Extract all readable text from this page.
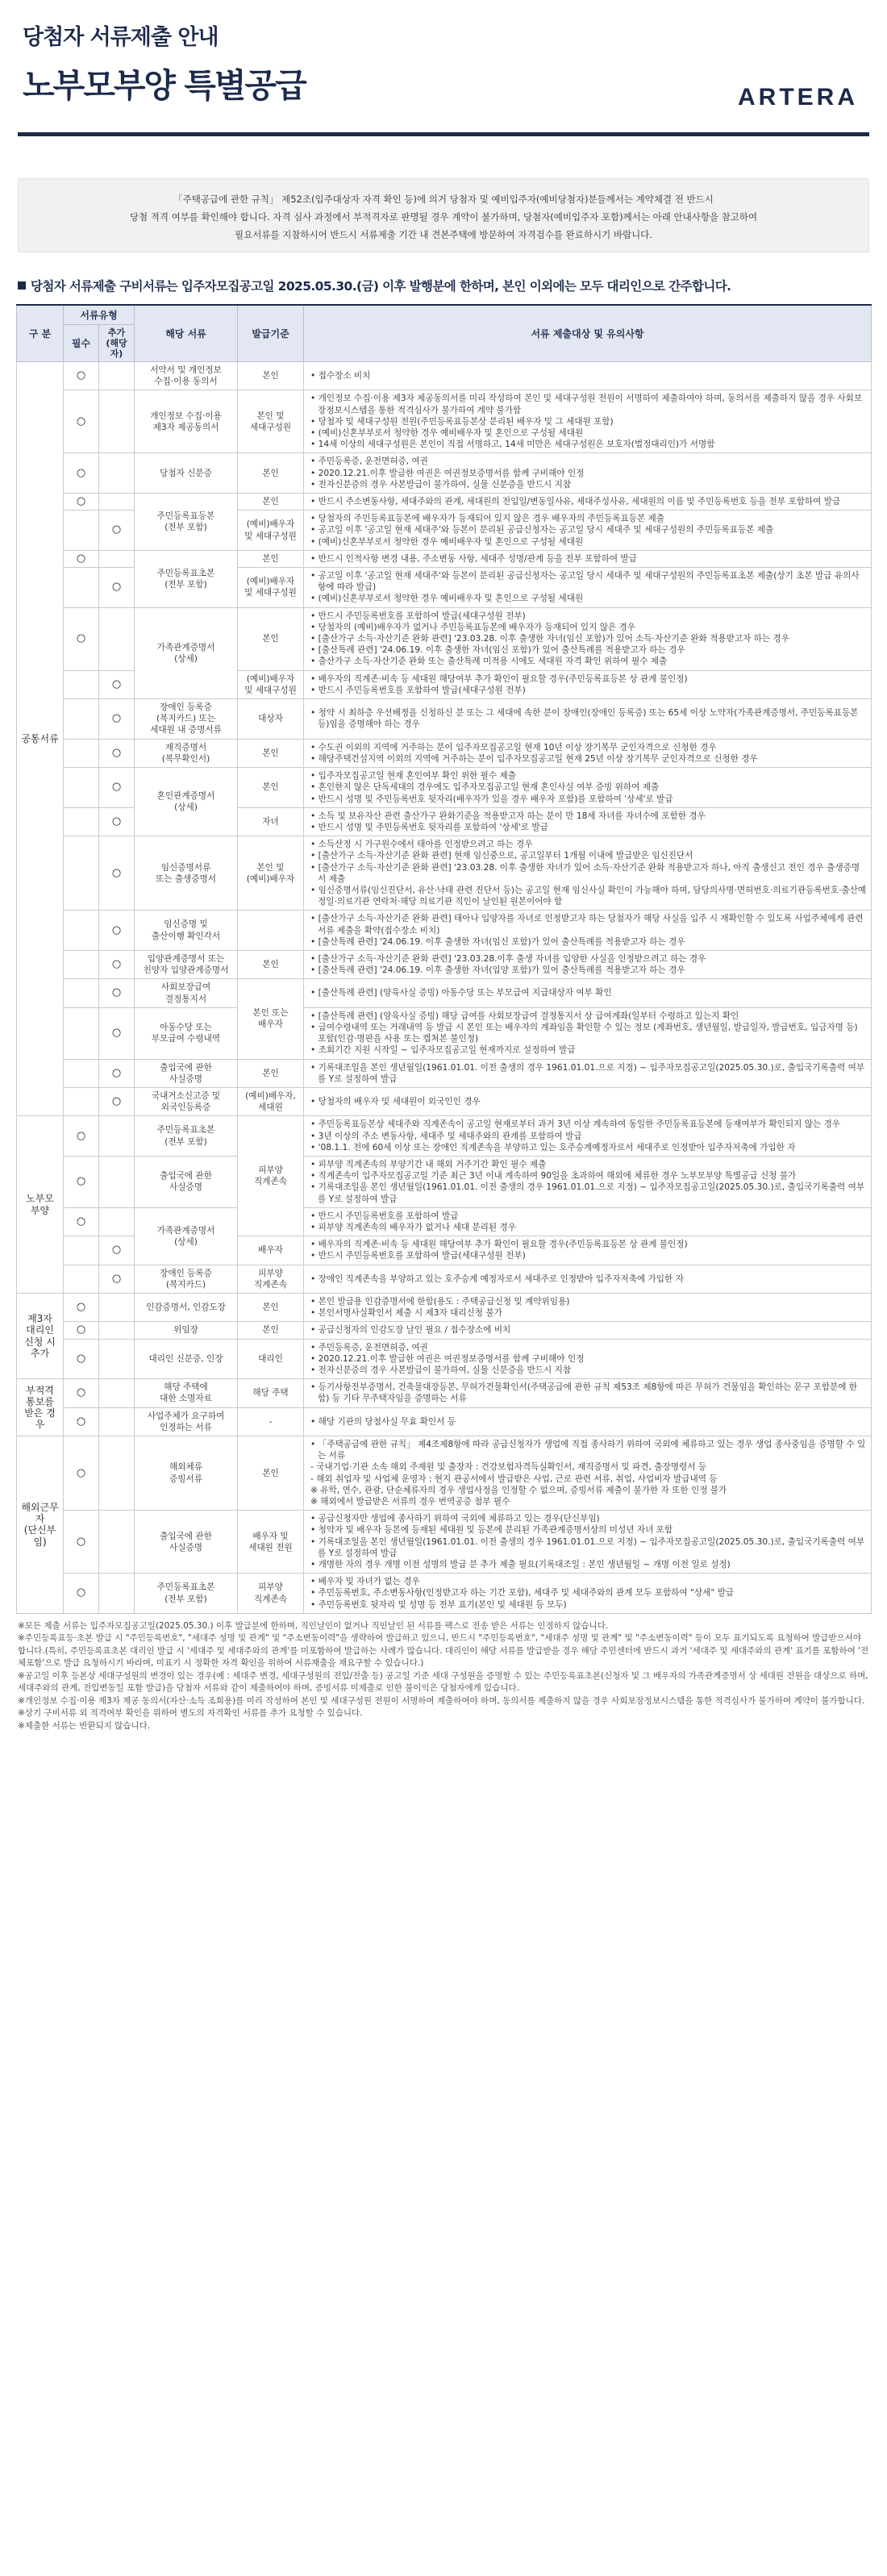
당첨자 서류제출 안내
노부모부양 특별공급	ARTERA
「주택공급에 관한 규칙」 제52조(입주대상자 자격 확인 등)에 의거 당첨자 및 예비입주자(예비당첨자)분들께서는 계약체결 전 반드시
당첨 적격 여부를 확인해야 합니다. 자격 심사 과정에서 부적격자로 판명될 경우 계약이 불가하며, 당첨자(예비입주자 포함)께서는 아래 안내사항을 참고하여
필요서류를 지참하시어 반드시 서류제출 기간 내 견본주택에 방문하여 자격검수를 완료하시기 바랍니다.
당첨자 서류제출 구비서류는 입주자모집공고일 2025.05.30.(금) 이후 발행분에 한하며, 본인 이외에는 모두 대리인으로 간주합니다.
구 분	서류유형		해당 서류	발급기준	서류 제출대상 및 유의사항
	필수	추가
(해당자)			
공통서류	○		서약서 및 개인정보
수집·이용 동의서	본인	• 접수장소 비치

	○		개인정보 수집·이용
제3자 제공동의서	본인 및
세대구성원	• 개인정보 수집·이용 제3자 제공동의서를 미리 작성하여 본인 및 세대구성원 전원이 서명하여 제출하여야 하며, 동의서를 제출하지 않을 경우 사회보장정보시스템을 통한 적격심사가 불가하여 계약 불가함
• 당첨자 및 세대구성원 전원(주민등록표등본상 분리된 배우자 및 그 세대원 포함)
• (예비)신혼부부로서 청약한 경우 예비배우자 및 혼인으로 구성될 세대원
• 14세 이상의 세대구성원은 본인이 직접 서명하고, 14세 미만은 세대구성원은 보호자(법정대리인)가 서명함

	○		당첨자 신분증	본인	• 주민등록증, 운전면허증, 여권
• 2020.12.21.이후 발급한 여권은 여권정보증명서를 함께 구비해야 인정
• 전자신분증의 경우 사본발급이 불가하여, 실물 신분증을 반드시 지참

	○		주민등록표등본
(전부 포함)	본인	• 반드시 주소변동사항, 세대주와의 관계, 세대원의 전입일/변동일사유, 세대주성사유, 세대원의 이름 및 주민등록번호 등을 전부 포함하여 발급

		○		(예비)배우자
및 세대구성원	• 당첨자의 주민등록표등본에 배우자가 등재되어 있지 않은 경우 배우자의 주민등록표등본 제출
• 공고일 이후 '공고일 현재 세대주'와 등본이 분리된 공급신청자는 공고일 당시 세대주 및 세대구성원의 주민등록표등본 제출
• (예비)신혼부부로서 청약한 경우 예비배우자 및 혼인으로 구성될 세대원

	○		주민등록표초본
(전부 포함)	본인	• 반드시 인적사항 변경 내용, 주소변동 사항, 세대주 성명/관계 등을 전부 포함하여 발급

		○		(예비)배우자
및 세대구성원	• 공고일 이후 '공고일 현재 세대주'와 등본이 분리된 공급신청자는 공고일 당시 세대주 및 세대구성원의 주민등록표초본 제출(상기 초본 발급 유의사항에 따라 발급)
• (예비)신혼부부로서 청약한 경우 예비배우자 및 혼인으로 구성될 세대원

	○		가족관계증명서
(상세)	본인	• 반드시 주민등록번호를 포함하여 발급(세대구성원 전부)
• 당첨자의 (예비)배우자가 없거나 주민등록표등본에 배우자가 등재되어 있지 않은 경우
• [출산가구 소득·자산기준 완화 관련] '23.03.28. 이후 출생한 자녀(임신 포함)가 있어 소득·자산기준 완화 적용받고자 하는 경우
• [출산특례 관련] '24.06.19. 이후 출생한 자녀(임신 포함)가 있어 출산특례를 적용받고자 하는 경우
• 출산가구 소득·자산기준 완화 또는 출산특례 미적용 시에도 세대원 자격 확인 위하여 필수 제출

		○		(예비)배우자
및 세대구성원	• 배우자의 직계존·비속 등 세대원 해당여부 추가 확인이 필요할 경우(주민등록표등본 상 관계 불인정)
• 반드시 주민등록번호를 포함하여 발급(세대구성원 전부)

		○	장애인 등록증
(복지카드) 또는
세대원 내 증명서류	대상자	• 청약 시 최하층 우선배정을 신청하신 분 또는 그 세대에 속한 분이 장애인(장애인 등록증) 또는 65세 이상 노약자(가족관계증명서, 주민등록표등본 등)임을 증명해야 하는 경우

		○	재직증명서
(복무확인서)	본인	• 수도권 이외의 지역에 거주하는 분이 입주자모집공고일 현재 10년 이상 장기복무 군인자격으로 신청한 경우
• 해당주택건설지역 이외의 지역에 거주하는 분이 입주자모집공고일 현재 25년 이상 장기복무 군인자격으로 신청한 경우

		○	혼인관계증명서
(상세)	본인	• 입주자모집공고일 현재 혼인여부 확인 위한 필수 제출
• 혼인한지 않은 단독세대의 경우에도 입주자모집공고일 현재 혼인사실 여부 증빙 위하여 제출
• 반드시 성명 및 주민등록번호 뒷자리(배우자가 있을 경우 배우자 포함)를 포함하여 '상세'로 발급

		○		자녀	• 소득 및 보유자산 관련 출산가구 완화기준을 적용받고자 하는 분이 만 18세 자녀를 자녀수에 포함한 경우
• 반드시 성명 및 주민등록번호 뒷자리를 포함하여 '상세'로 발급

		○	임신증명서류
또는 출생증명서	본인 및
(예비)배우자	• 소득산정 시 가구원수에서 태아를 인정받으려고 하는 경우
• [출산가구 소득·자산기준 완화 관련] 현재 임신중으로, 공고일부터 1개월 이내에 발급받은 임신진단서
• [출산가구 소득·자산기준 완화 관련] '23.03.28. 이후 출생한 자녀가 있어 소득·자산기준 완화 적용받고자 하나, 아직 출생신고 전인 경우 출생증명서 제출
• 임신증명서류(임신진단서, 유산·낙태 관련 진단서 등)는 공고일 현재 임신사실 확인이 가능해야 하며, 담당의사명·면허번호·의료기관등록번호·출산예정일·의료기관 연락처·해당 의료기관 직인이 날인된 원본이어야 함

		○	임신증명 및
출산이행 확인각서		• [출산가구 소득·자산기준 완화 관련] 태아나 입양자를 자녀로 인정받고자 하는 당첨자가 해당 사실을 입주 시 재확인할 수 있도록 사업주체에게 관련 서류 제출을 확약(접수장소 비치)
• [출산특례 관련] '24.06.19. 이후 출생한 자녀(임신 포함)가 있어 출산특례를 적용받고자 하는 경우

		○	입양관계증명서 또는
친양자 입양관계증명서	본인	• [출산가구 소득·자산기준 완화 관련] '23.03.28.이후 출생 자녀를 입양한 사실을 인정받으려고 하는 경우
• [출산특례 관련] '24.06.19. 이후 출생한 자녀(입양 포함)가 있어 출산특례를 적용받고자 하는 경우

		○	사회보장급여
결정통지서	본인 또는
배우자	• [출산특례 관련] (양육사실 증빙) 아동수당 또는 부모급여 지급대상자 여부 확인

		○	아동수당 또는
부모급여 수령내역		• [출산특례 관련] (양육사실 증빙) 해당 급여를 사회보장급여 결정통지서 상 급여계좌(일부터 수령하고 있는지 확인
• 급여수령내역 또는 거래내역 등 발급 시 본인 또는 배우자의 계좌임을 확인할 수 있는 정보 (계좌번호, 생년월일, 발급일자, 발급번호, 입금자명 등) 포함(인감·명판을 사용 또는 캡처본 불인정)
• 조회기간 지원 시작일 ~ 입주자모집공고일 현재까지로 설정하여 발급

		○	출입국에 관한
사실증명	본인	• 기록대조일을 본인 생년월일(1961.01.01. 이전 출생의 경우 1961.01.01.으로 지정) ~ 입주자모집공고일(2025.05.30.)로, 출입국기록출력 여부를 Y로 설정하여 발급

		○	국내거소신고증 및
외국인등록증	(예비)배우자,
세대원	• 당첨자의 배우자 및 세대원이 외국인인 경우

노부모
부양	○		주민등록표초본
(전부 포함)	피부양
직계존속	• 주민등록표등본상 세대주와 직계존속이 공고일 현재로부터 과거 3년 이상 계속하여 동일한 주민등록표등본에 등재여부가 확인되지 않는 경우
• 3년 이상의 주소 변동사항, 세대주 및 세대주와의 관계를 포함하여 발급
• '08.1.1. 전에 60세 이상 또는 장애인 직계존속을 부양하고 있는 호주승계예정자로서 세대주로 인정받아 입주자저축에 가입한 자

	○		출입국에 관한
사실증명		• 피부양 직계존속의 부양기간 내 해외 거주기간 확인 필수 제출
• 직계존속이 입주자모집공고일 기준 최근 3년 이내 계속하여 90일을 초과하여 해외에 체류한 경우 노부모부양 특별공급 신청 불가
• 기록대조일을 본인 생년월일(1961.01.01. 이전 출생의 경우 1961.01.01.으로 지정) ~ 입주자모집공고일(2025.05.30.)로, 출입국기록출력 여부를 Y로 설정하여 발급

	○		가족관계증명서
(상세)		• 반드시 주민등록번호를 포함하여 발급
• 피부양 직계존속의 배우자가 없거나 세대 분리된 경우

		○		배우자	• 배우자의 직계존·비속 등 세대원 해당여부 추가 확인이 필요할 경우(주민등록표등본 상 관계 불인정)
• 반드시 주민등록번호를 포함하여 발급(세대구성원 전부)

		○	장애인 등록증
(복지카드)	피부양
직계존속	• 장애인 직계존속을 부양하고 있는 호주승계 예정자로서 세대주로 인정받아 입주자저축에 가입한 자

제3자
대리인
신청 시
추가	○		인감증명서, 인감도장	본인	• 본인 발급용 인감증명서에 한함(용도 : 주택공급신청 및 계약위임용)
• 본인서명사실확인서 제출 시 제3자 대리신청 불가

	○		위임장	본인	• 공급신청자의 인감도장 날인 필요 / 접수장소에 비치

	○		대리인 신분증, 인장	대리인	• 주민등록증, 운전면허증, 여권
• 2020.12.21.이후 발급한 여권은 여권정보증명서를 함께 구비해야 인정
• 전자신분증의 경우 사본발급이 불가하여, 실물 신분증을 반드시 지참

부적격
통보를
받은 경우	○		해당 주택에
대한 소명자료	해당 주택	• 등기사항전부증명서, 건축물대장등본, 무허가건물확인서(주택공급에 관한 규칙 제53조 제8항에 따른 무허가 건물임을 확인하는 문구 포함분에 한함) 등 기타 무주택자임을 증명하는 서류

	○		사업주체가 요구하여
인정하는 서류	-	• 해당 기관의 당첨사실 무효 확인서 등

해외근무자
(단신부임)	○		해외체류
증빙서류	본인	• 「주택공급에 관한 규칙」 제4조제8항에 따라 공급신청자가 생업에 직접 종사하기 위하여 국외에 체류하고 있는 경우 생업 종사중임을 증명할 수 있는 서류
- 국내기업·기관 소속 해외 주재원 및 출장자 : 건강보험자격득실확인서, 재직증명서 및 파견, 출장명령서 등
- 해외 취업자 및 사업체 운영자 : 현지 관공서에서 발급받은 사업, 근로 관련 서류, 취업, 사업비자 발급내역 등
※ 유학, 연수, 관광, 단순체류자의 경우 생업사정을 인정할 수 없으며, 증빙서류 제출이 불가한 자 또한 인정 불가
※ 해외에서 발급받은 서류의 경우 번역공증 첨부 필수

	○		출입국에 관한
사실증명	배우자 및
세대원 전원	• 공급신청자만 생업에 종사하기 위하여 국외에 체류하고 있는 경우(단신부임)
• 청약자 및 배우자 등본에 등재된 세대원 및 등본에 분리된 가족관계증명서상의 미성년 자녀 포함
• 기록대조일을 본인 생년월일(1961.01.01. 이전 출생의 경우 1961.01.01.으로 지정) ~ 입주자모집공고일(2025.05.30.)로, 출입국기록출력 여부를 Y로 설정하여 발급
• 개명한 자의 경우 개명 이전 성명의 발급 분 추가 제출 필요(기록대조일 : 본인 생년월일 ~ 개명 이전 일로 설정)

	○		주민등록표초본
(전부 포함)	피부양
직계존속	• 배우자 및 자녀가 없는 경우
• 주민등록번호, 주소변동사항(인정받고자 하는 기간 포함), 세대주 및 세대주와의 관계 모두 포함하여 "상세" 발급
• 주민등록번호 뒷자리 및 성명 등 전부 표기(본인 및 세대원 등 모두)
※모든 제출 서류는 입주자모집공고일(2025.05.30.) 이후 발급분에 한하며, 직인날인이 없거나 직인날인 된 서류를 팩스로 전송 받은 서류는 인정하지 않습니다.
※주민등록표등·초본 발급 시 "주민등록번호", "세대주 성명 및 관계" 및 "주소변동이력"을 생략하여 발급하고 있으니, 반드시 "주민등록번호", "세대주 성명 및 관계" 및 "주소변동이력" 등이 모두 표기되도록 요청하여 발급받으셔야 합니다.(특히, 주민등록표초본 대리인 발급 시 '세대주 및 세대주와의 관계'를 미포함하여 발급하는 사례가 많습니다. 대리인이 해당 서류를 발급받을 경우 해당 주민센터에 반드시 과거 '세대주 및 세대주와의 관계' 표기를 포함하여 '전체포함'으로 발급 요청하시기 바라며, 미표기 시 정확한 자격 확인을 위하여 서류재출을 재요구할 수 있습니다.)
※공고일 이후 등본상 세대구성원의 변경이 있는 경우(예 : 세대주 변경, 세대구성원의 전입/전출 등) 공고일 기준 세대 구성원을 증명할 수 있는 주민등록표초본(신청자 및 그 배우자의 가족관계증명서 상 세대원 전원을 대상으로 하며, 세대주와의 관계, 전입변동일 포함 발급)을 당첨자 서류와 같이 제출하여야 하며, 증빙서류 미제출로 인한 불이익은 당첨자에게 있습니다.
※개인정보 수집·이용 제3자 제공 동의서(자산·소득 조회용)를 미리 작성하여 본인 및 세대구성원 전원이 서명하여 제출하여야 하며, 동의서를 제출하지 않을 경우 사회보장정보시스템을 통한 적격심사가 불가하여 계약이 불가합니다.
※상기 구비서류 외 적격여부 확인을 위하여 별도의 자격확인 서류를 추가 요청할 수 있습니다.
※제출한 서류는 반환되지 않습니다.
